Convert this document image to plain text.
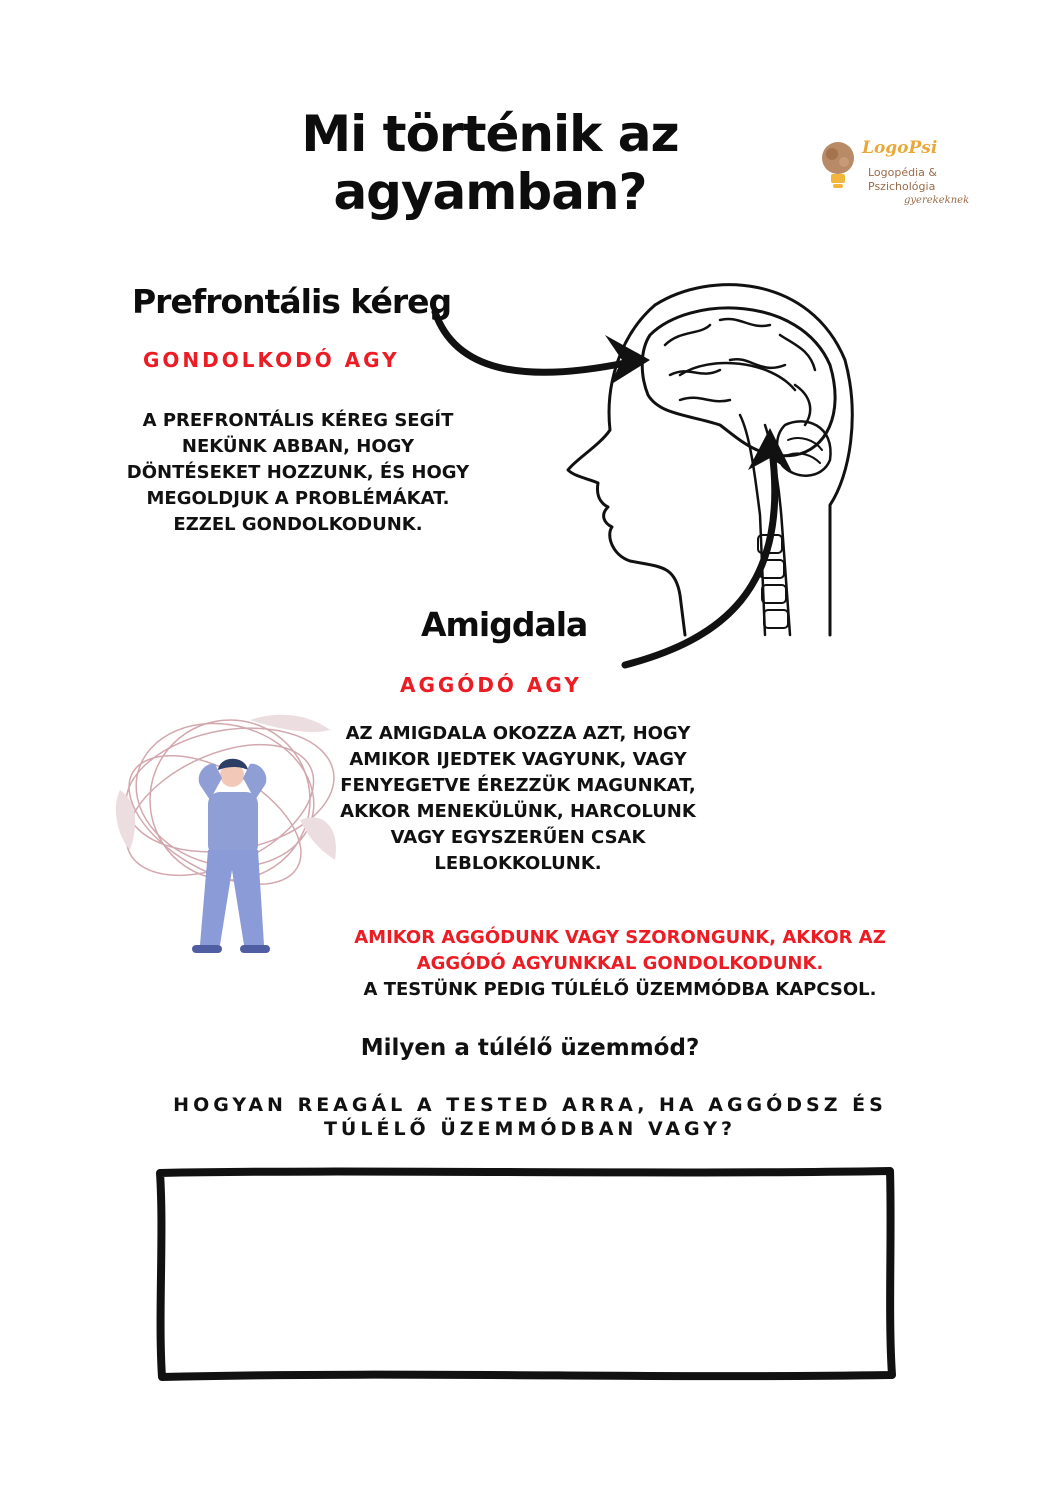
Mi történik az agyamban?
LogoPsi
Logopédia &
Pszichológia
gyerekeknek
Prefrontális kéreg
GONDOLKODÓ AGY
A PREFRONTÁLIS KÉREG SEGÍT NEKÜNK ABBAN, HOGY DÖNTÉSEKET HOZZUNK, ÉS HOGY MEGOLDJUK A PROBLÉMÁKAT. EZZEL GONDOLKODUNK.
Amigdala
AGGÓDÓ AGY
AZ AMIGDALA OKOZZA AZT, HOGY AMIKOR IJEDTEK VAGYUNK, VAGY FENYEGETVE ÉREZZÜK MAGUNKAT, AKKOR MENEKÜLÜNK, HARCOLUNK VAGY EGYSZERŰEN CSAK LEBLOKKOLUNK.
AMIKOR AGGÓDUNK VAGY SZORONGUNK, AKKOR AZ AGGÓDÓ AGYUNKKAL GONDOLKODUNK.
A TESTÜNK PEDIG TÚLÉLŐ ÜZEMMÓDBA KAPCSOL.
Milyen a túlélő üzemmód?
HOGYAN REAGÁL A TESTED ARRA, HA AGGÓDSZ ÉS TÚLÉLŐ ÜZEMMÓDBAN VAGY?
